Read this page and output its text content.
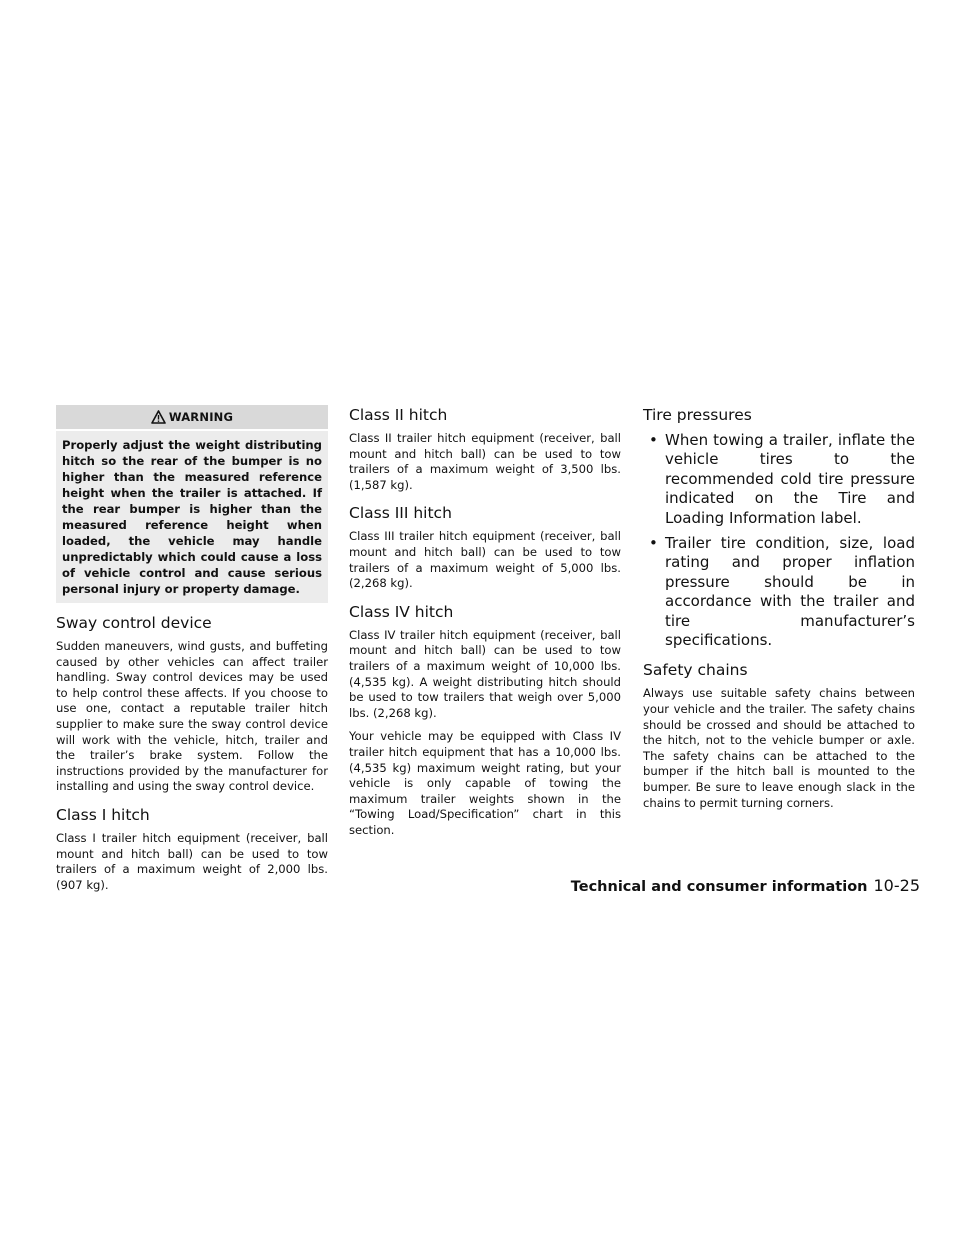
WARNING
Properly adjust the weight distributing hitch so the rear of the bumper is no higher than the measured reference height when the trailer is attached. If the rear bumper is higher than the measured reference height when loaded, the vehicle may handle unpredictably which could cause a loss of vehicle control and cause serious personal injury or property damage.
Sway control device

Sudden maneuvers, wind gusts, and buffeting caused by other vehicles can affect trailer handling. Sway control devices may be used to help control these affects. If you choose to use one, contact a reputable trailer hitch supplier to make sure the sway control device will work with the vehicle, hitch, trailer and the trailer’s brake system. Follow the instructions provided by the manufacturer for installing and using the sway control device.

Class I hitch

Class I trailer hitch equipment (receiver, ball mount and hitch ball) can be used to tow trailers of a maximum weight of 2,000 lbs. (907 kg).

Class II hitch

Class II trailer hitch equipment (receiver, ball mount and hitch ball) can be used to tow trailers of a maximum weight of 3,500 lbs. (1,587 kg).

Class III hitch

Class III trailer hitch equipment (receiver, ball mount and hitch ball) can be used to tow trailers of a maximum weight of 5,000 lbs. (2,268 kg).

Class IV hitch

Class IV trailer hitch equipment (receiver, ball mount and hitch ball) can be used to tow trailers of a maximum weight of 10,000 lbs. (4,535 kg). A weight distributing hitch should be used to tow trailers that weigh over 5,000 lbs. (2,268 kg).

Your vehicle may be equipped with Class IV trailer hitch equipment that has a 10,000 lbs. (4,535 kg) maximum weight rating, but your vehicle is only capable of towing the maximum trailer weights shown in the “Towing Load/Specification” chart in this section.

Tire pressures
• When towing a trailer, inflate the vehicle tires to the recommended cold tire pressure indicated on the Tire and Loading Information label.
• Trailer tire condition, size, load rating and proper inflation pressure should be in accordance with the trailer and tire manufacturer’s specifications.
Safety chains

Always use suitable safety chains between your vehicle and the trailer. The safety chains should be crossed and should be attached to the hitch, not to the vehicle bumper or axle. The safety chains can be attached to the bumper if the hitch ball is mounted to the bumper. Be sure to leave enough slack in the chains to permit turning corners.

Technical and consumer information 10-25
